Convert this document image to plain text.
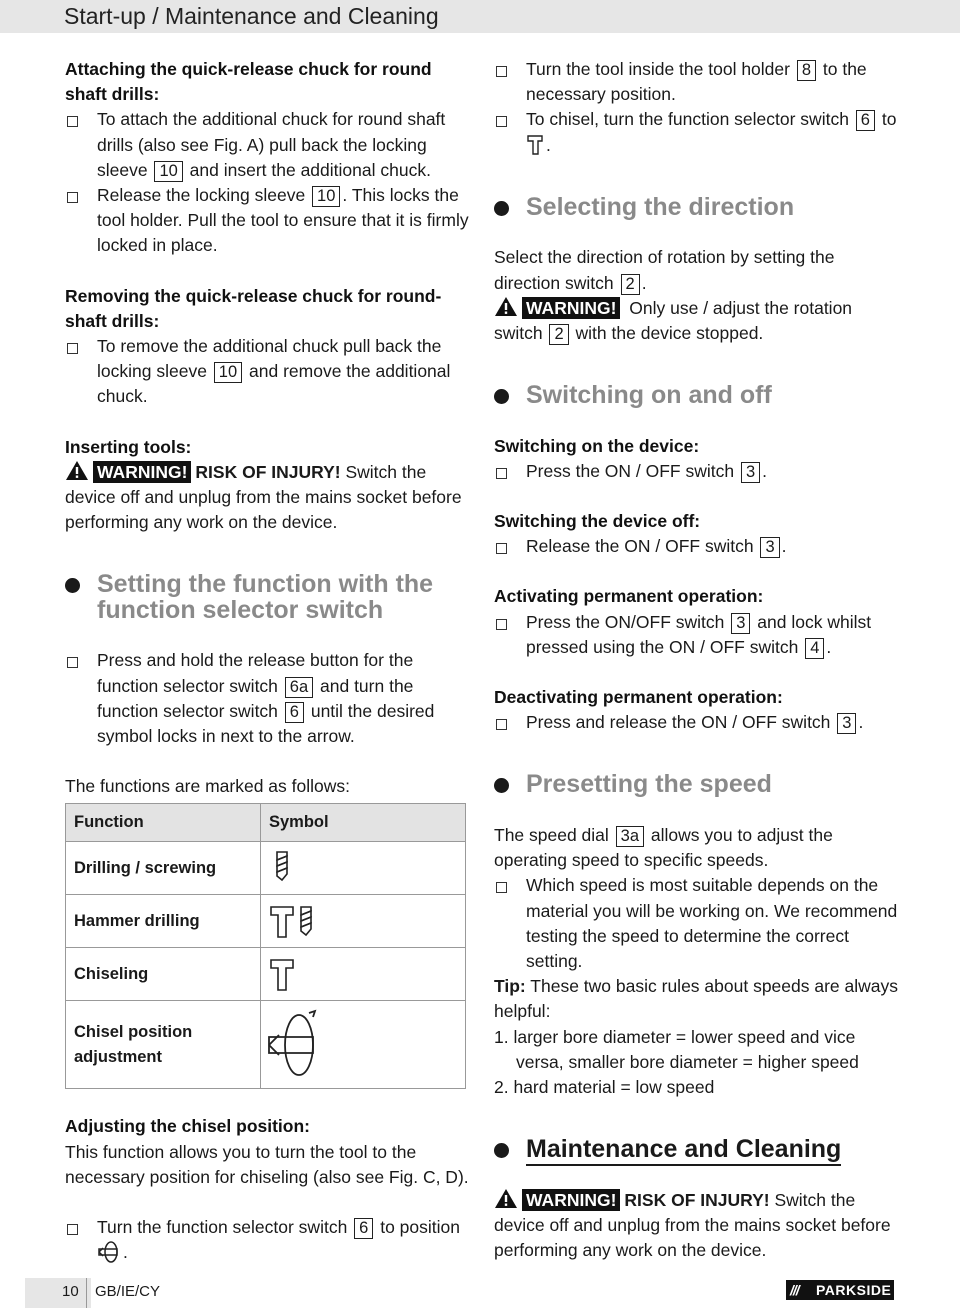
Start-up / Maintenance and Cleaning
Attaching the quick-release chuck for round shaft drills:
To attach the additional chuck for round shaft drills (also see Fig. A) pull back the locking sleeve 10 and insert the additional chuck.
Release the locking sleeve 10 . This locks the tool holder. Pull the tool to ensure that it is firmly locked in place.
Removing the quick-release chuck for round-shaft drills:
To remove the additional chuck pull back the locking sleeve 10 and remove the additional chuck.
Inserting tools:
WARNING! RISK OF INJURY! Switch the device off and unplug from the mains socket before performing any work on the device.
Setting the function with the function selector switch
Press and hold the release button for the function selector switch 6a and turn the function selector switch 6 until the desired symbol locks in next to the arrow.
The functions are marked as follows:
Function	Symbol
Drilling / screwing	
Hammer drilling	
Chiseling	
Chisel position adjustment	
Adjusting the chisel position:
This function allows you to turn the tool to the necessary position for chiseling (also see Fig. C, D).
Turn the function selector switch 6 to position
.
Turn the tool inside the tool holder 8 to the necessary position.
To chisel, turn the function selector switch 6 to .
Selecting the direction
Select the direction of rotation by setting the direction switch 2 .
WARNING! Only use / adjust the rotation switch 2 with the device stopped.
Switching on and off
Switching on the device:
Press the ON / OFF switch 3 .
Switching the device off:
Release the ON / OFF switch 3 .
Activating permanent operation:
Press the ON/OFF switch 3 and lock whilst pressed using the ON / OFF switch 4 .
Deactivating permanent operation:
Press and release the ON / OFF switch 3 .
Presetting the speed
The speed dial 3a allows you to adjust the operating speed to specific speeds.
Which speed is most suitable depends on the material you will be working on. We recommend testing the speed to determine the correct setting.
Tip: These two basic rules about speeds are always helpful:
1. larger bore diameter = lower speed and vice versa, smaller bore diameter = higher speed
2. hard material = low speed
Maintenance and Cleaning
WARNING! RISK OF INJURY! Switch the device off and unplug from the mains socket before performing any work on the device.
10 GB/IE/CY	/// PARKSIDE
